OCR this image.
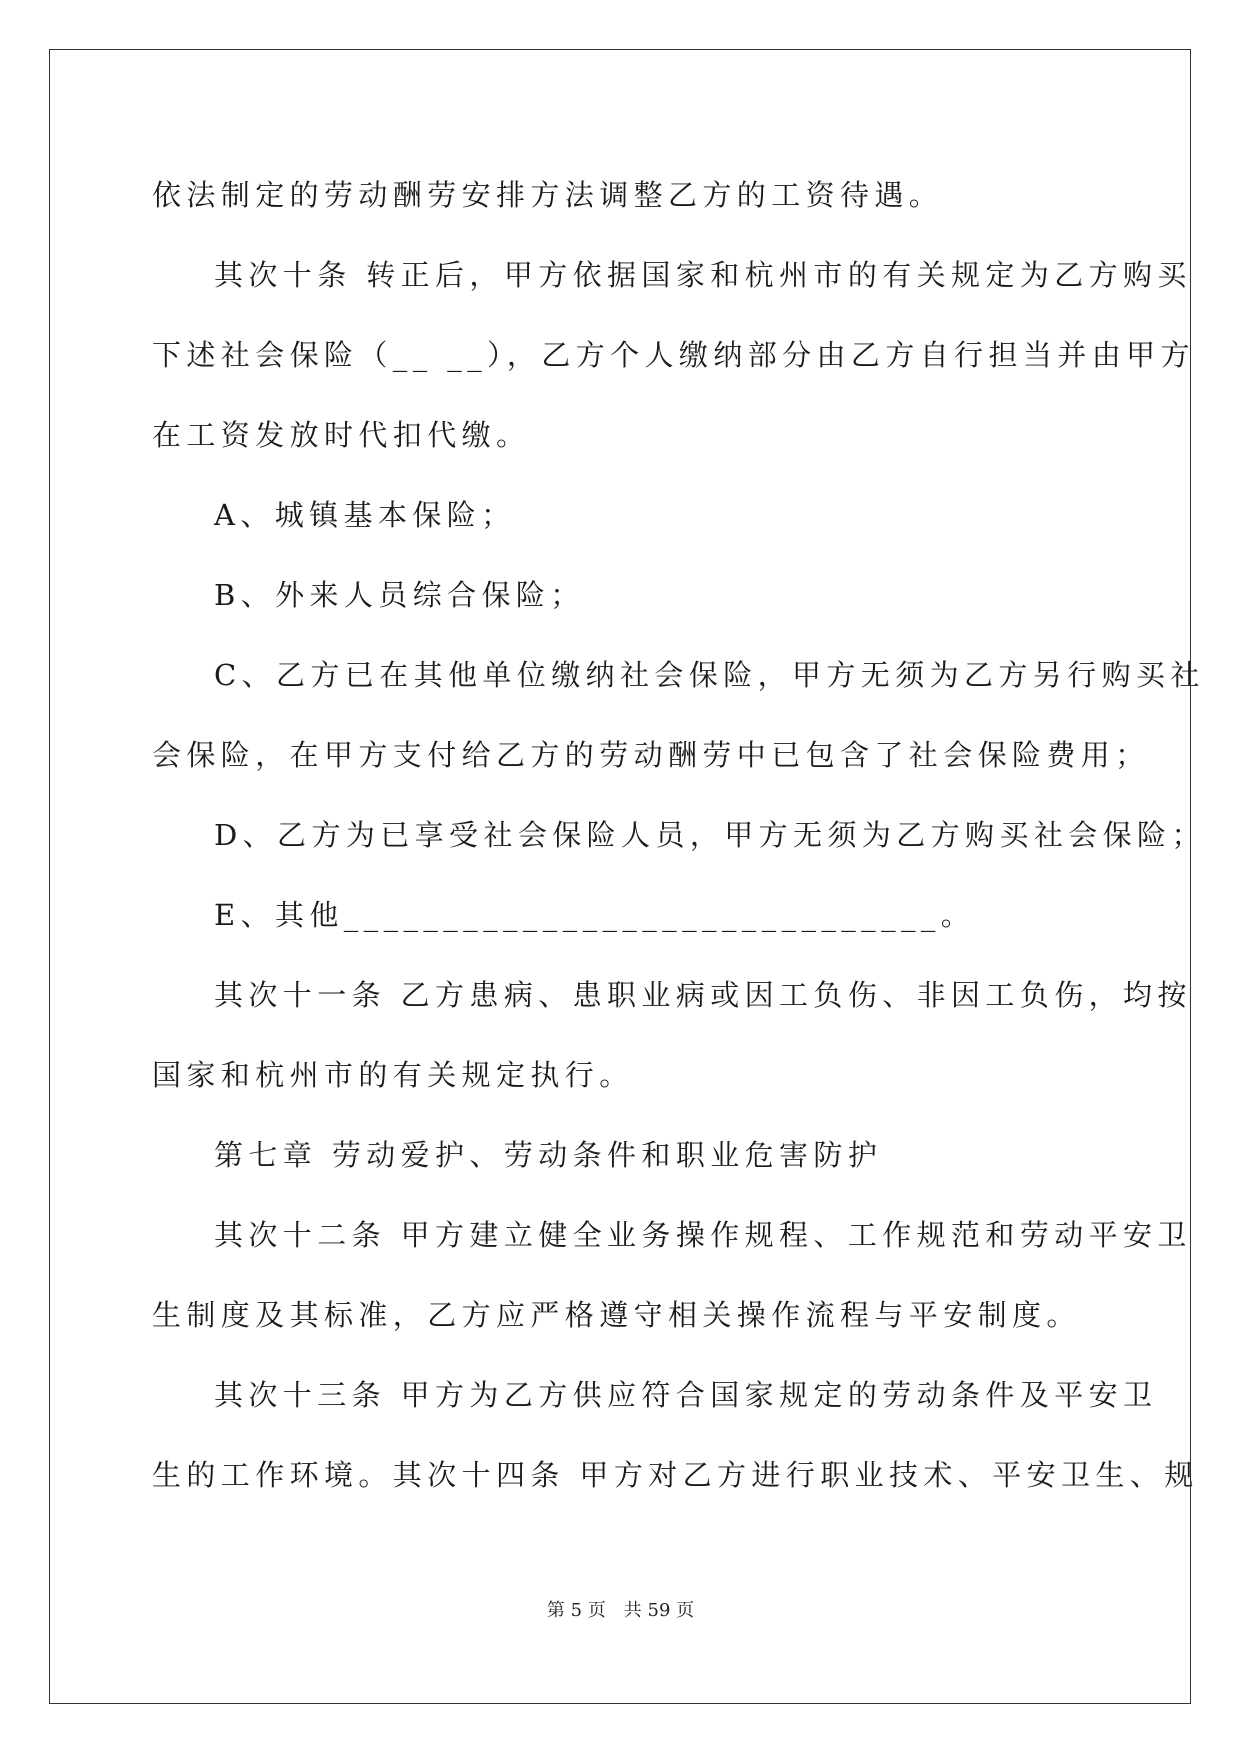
依法制定的劳动酬劳安排方法调整乙方的工资待遇。

其次十条 转正后，甲方依据国家和杭州市的有关规定为乙方购买

下述社会保险（__ __），乙方个人缴纳部分由乙方自行担当并由甲方

在工资发放时代扣代缴。

A、城镇基本保险；

B、外来人员综合保险；

C、乙方已在其他单位缴纳社会保险，甲方无须为乙方另行购买社

会保险，在甲方支付给乙方的劳动酬劳中已包含了社会保险费用；

D、乙方为已享受社会保险人员，甲方无须为乙方购买社会保险；

E、其他______________________________。

其次十一条 乙方患病、患职业病或因工负伤、非因工负伤，均按

国家和杭州市的有关规定执行。

第七章 劳动爱护、劳动条件和职业危害防护

其次十二条 甲方建立健全业务操作规程、工作规范和劳动平安卫

生制度及其标准，乙方应严格遵守相关操作流程与平安制度。

其次十三条 甲方为乙方供应符合国家规定的劳动条件及平安卫

生的工作环境。其次十四条 甲方对乙方进行职业技术、平安卫生、规

第 5 页 共 59 页
